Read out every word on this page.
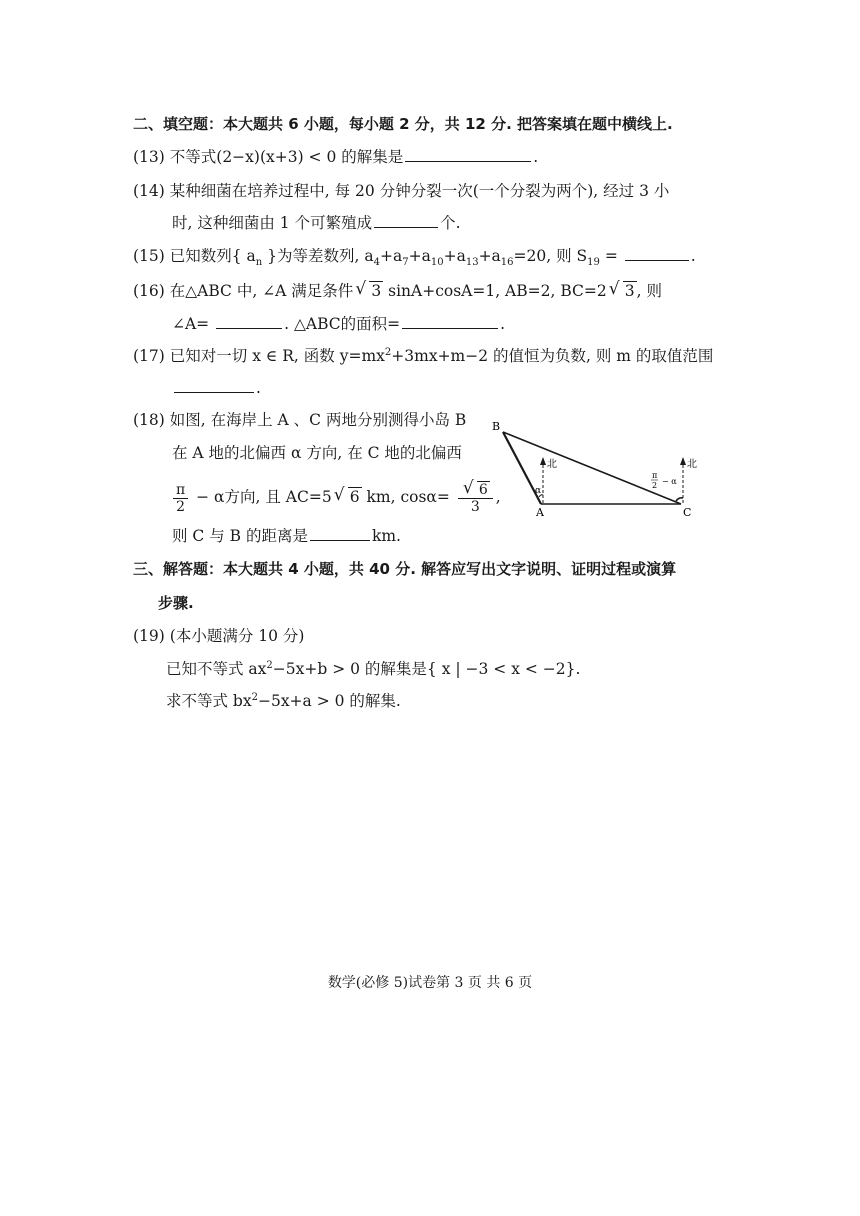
二、填空题：本大题共 6 小题，每小题 2 分，共 12 分. 把答案填在题中横线上.
(13) 不等式(2−x)(x+3) < 0 的解集是	.
(14) 某种细菌在培养过程中, 每 20 分钟分裂一次(一个分裂为两个), 经过 3 小
时, 这种细菌由 1 个可繁殖成	个.
(15) 已知数列{ $a_n$ }为等差数列, $a_4+a_7+a_{10}+a_{13}+a_{16}=20$, 则 $S_{19}$ =	.
(16) 在△ABC 中, ∠A 满足条件 √ 3 sinA+cosA=1, AB=2, BC=2 √ 3 , 则
∠A=	. △ABC的面积=	.
(17) 已知对一切 x ∈ R, 函数 $y=mx^2+3mx+m-2$ 的值恒为负数, 则 m 的取值范围
.
(18) 如图, 在海岸上 A 、C 两地分别测得小岛 B
在 A 地的北偏西 α 方向, 在 C 地的北偏西
$\frac{\pi}{2} - \alpha$方向, 且 AC=5 √ 6 km, cosα= √ $\frac{6}{3}$ ,
则 C 与 B 的距离是	km.
B
A	C
北	北
α
π
2 − α
三、解答题：本大题共 4 小题，共 40 分. 解答应写出文字说明、证明过程或演算
步骤.
(19) (本小题满分 10 分)
已知不等式 $ax^2-5x+b > 0$ 的解集是{ x | −3 < x < −2}.
求不等式 $bx^2-5x+a > 0$ 的解集.
数学(必修 5)试卷第 3 页 共 6 页
